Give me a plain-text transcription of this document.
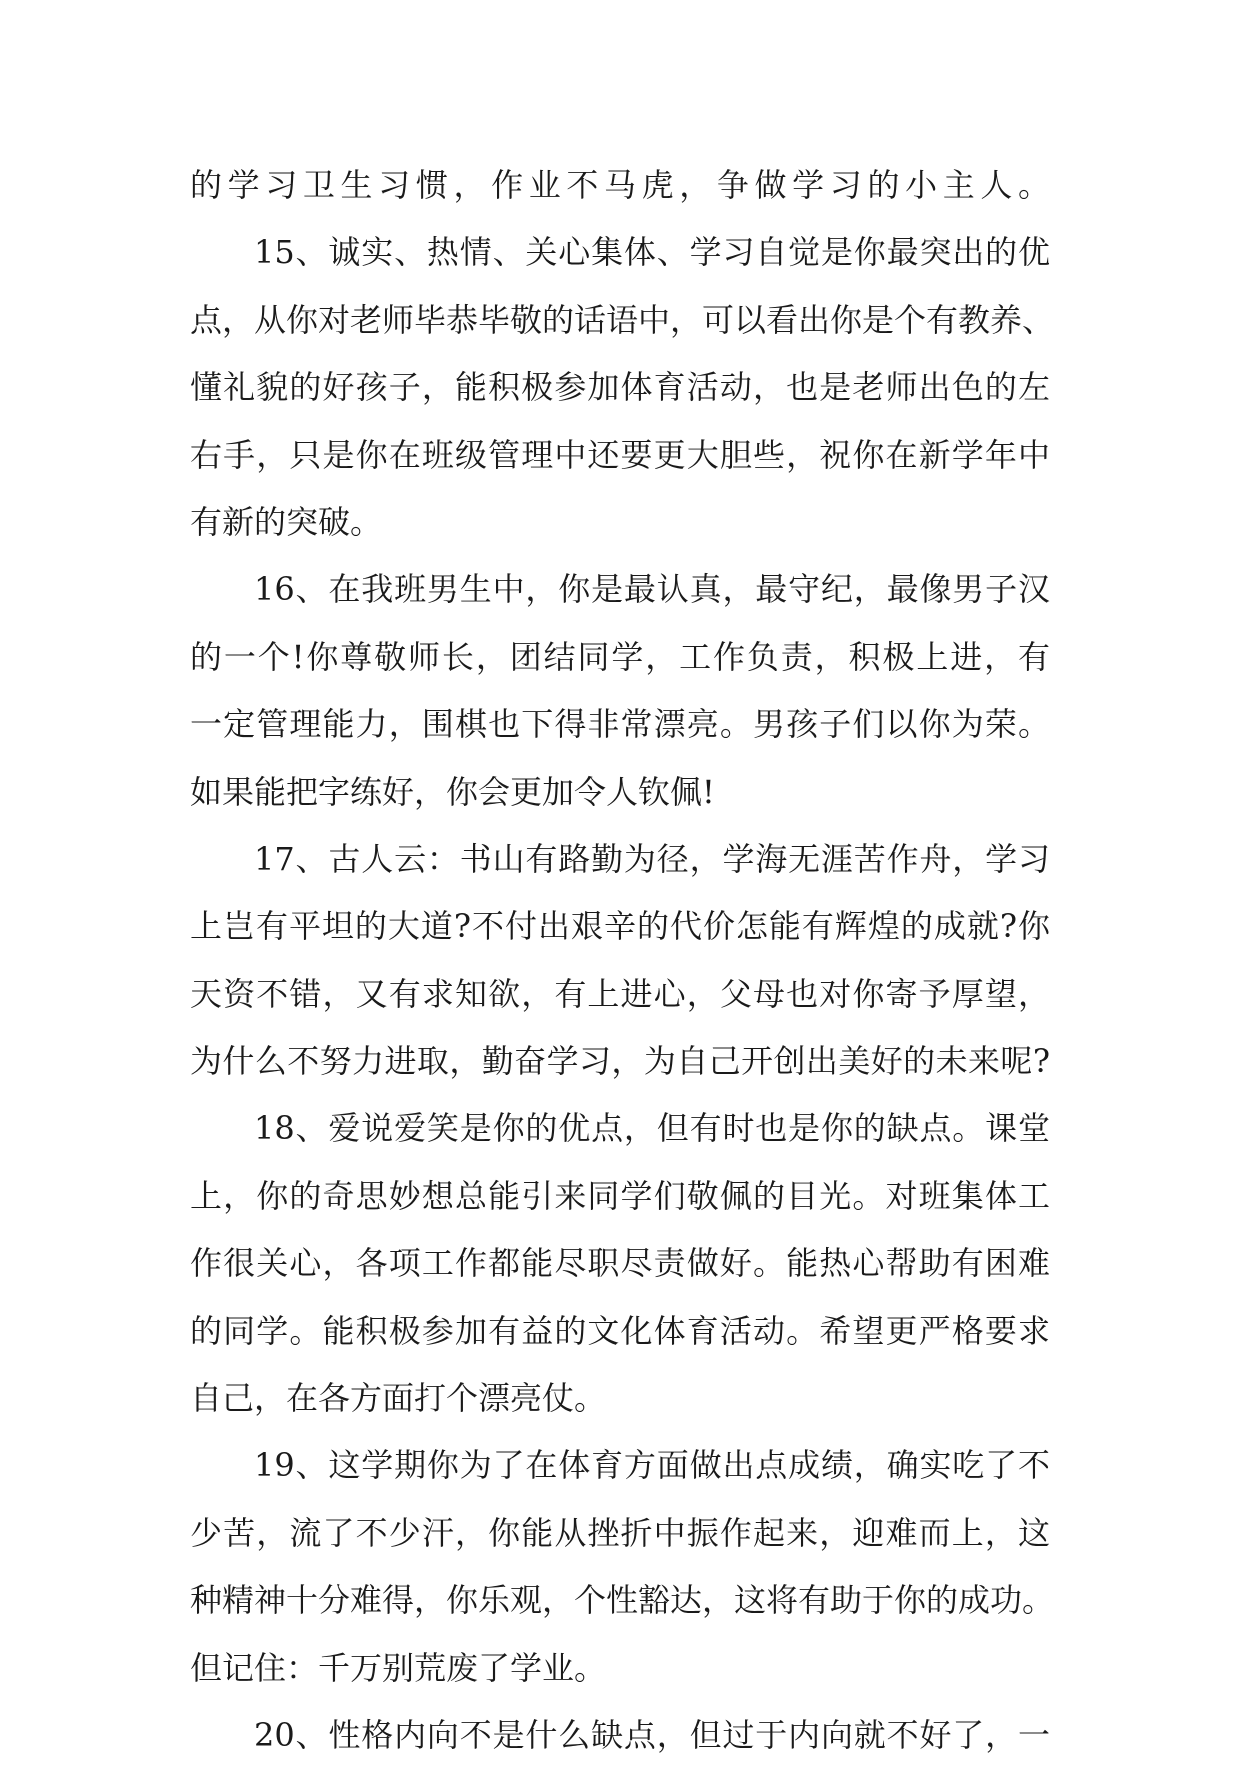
的学习卫生习惯，作业不马虎，争做学习的小主人。
15、诚实、热情、关心集体、学习自觉是你最突出的优
点，从你对老师毕恭毕敬的话语中，可以看出你是个有教养、
懂礼貌的好孩子，能积极参加体育活动，也是老师出色的左
右手，只是你在班级管理中还要更大胆些，祝你在新学年中
有新的突破。
16、在我班男生中，你是最认真，最守纪，最像男子汉
的一个!你尊敬师长，团结同学，工作负责，积极上进，有
一定管理能力，围棋也下得非常漂亮。男孩子们以你为荣。
如果能把字练好，你会更加令人钦佩!
17、古人云：书山有路勤为径，学海无涯苦作舟，学习
上岂有平坦的大道?不付出艰辛的代价怎能有辉煌的成就?你
天资不错，又有求知欲，有上进心，父母也对你寄予厚望，
为什么不努力进取，勤奋学习，为自己开创出美好的未来呢?
18、爱说爱笑是你的优点，但有时也是你的缺点。课堂
上，你的奇思妙想总能引来同学们敬佩的目光。对班集体工
作很关心，各项工作都能尽职尽责做好。能热心帮助有困难
的同学。能积极参加有益的文化体育活动。希望更严格要求
自己，在各方面打个漂亮仗。
19、这学期你为了在体育方面做出点成绩，确实吃了不
少苦，流了不少汗，你能从挫折中振作起来，迎难而上，这
种精神十分难得，你乐观，个性豁达，这将有助于你的成功。
但记住：千万别荒废了学业。
20、性格内向不是什么缺点，但过于内向就不好了，一
